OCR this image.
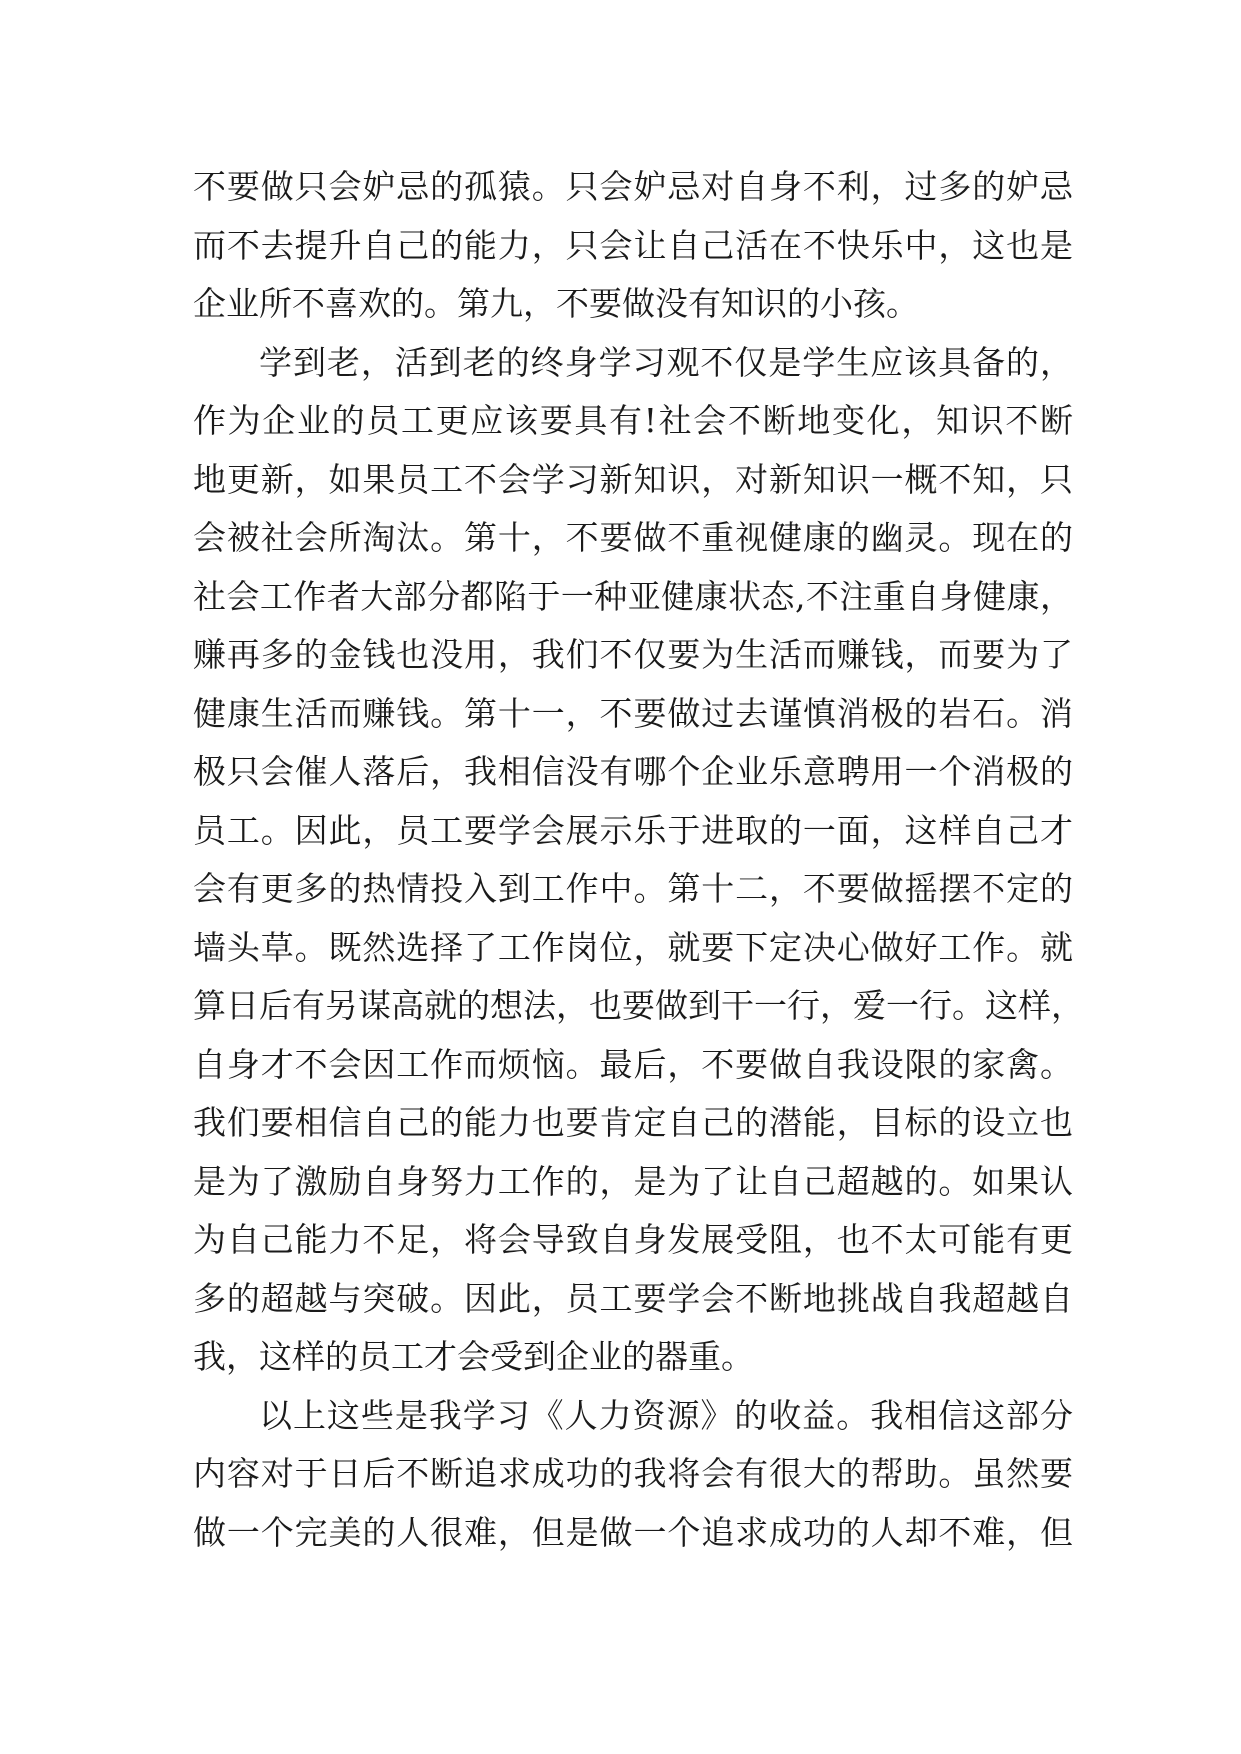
不要做只会妒忌的孤猿。只会妒忌对自身不利，过多的妒忌
而不去提升自己的能力，只会让自己活在不快乐中，这也是
企业所不喜欢的。第九，不要做没有知识的小孩。
学到老，活到老的终身学习观不仅是学生应该具备的，
作为企业的员工更应该要具有!社会不断地变化，知识不断
地更新，如果员工不会学习新知识，对新知识一概不知，只
会被社会所淘汰。第十，不要做不重视健康的幽灵。现在的
社会工作者大部分都陷于一种亚健康状态,不注重自身健康，
赚再多的金钱也没用，我们不仅要为生活而赚钱，而要为了
健康生活而赚钱。第十一，不要做过去谨慎消极的岩石。消
极只会催人落后，我相信没有哪个企业乐意聘用一个消极的
员工。因此，员工要学会展示乐于进取的一面，这样自己才
会有更多的热情投入到工作中。第十二，不要做摇摆不定的
墙头草。既然选择了工作岗位，就要下定决心做好工作。就
算日后有另谋高就的想法，也要做到干一行，爱一行。这样，
自身才不会因工作而烦恼。最后，不要做自我设限的家禽。
我们要相信自己的能力也要肯定自己的潜能，目标的设立也
是为了激励自身努力工作的，是为了让自己超越的。如果认
为自己能力不足，将会导致自身发展受阻，也不太可能有更
多的超越与突破。因此，员工要学会不断地挑战自我超越自
我，这样的员工才会受到企业的器重。
以上这些是我学习《人力资源》的收益。我相信这部分
内容对于日后不断追求成功的我将会有很大的帮助。虽然要
做一个完美的人很难，但是做一个追求成功的人却不难，但
